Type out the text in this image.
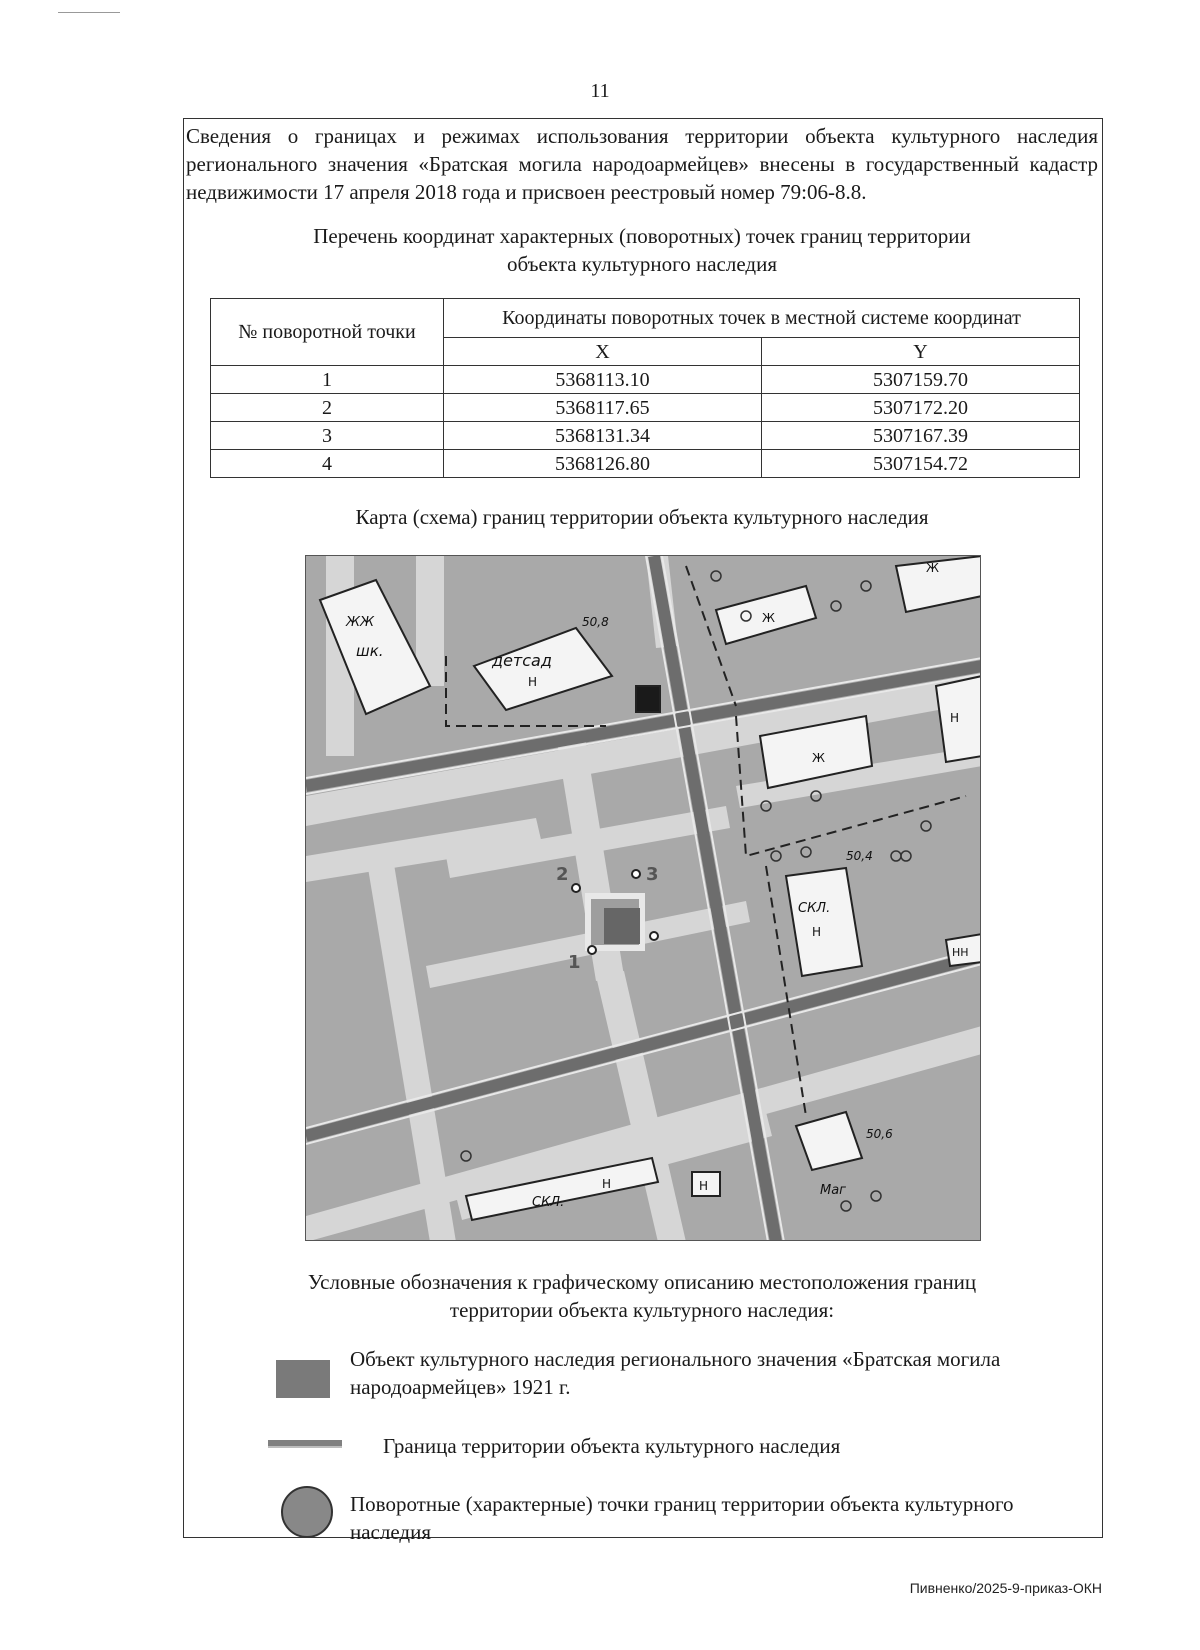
11
Сведения о границах и режимах использования территории объекта культурного наследия регионального значения «Братская могила народоармейцев» внесены в государственный кадастр недвижимости 17 апреля 2018 года и присвоен реестровый номер 79:06-8.8.
Перечень координат характерных (поворотных) точек границ территории
объекта культурного наследия
№ поворотной точки	Координаты поворотных точек в местной системе координат	
	X	Y
1	5368113.10	5307159.70
2	5368117.65	5307172.20
3	5368131.34	5307167.39
4	5368126.80	5307154.72
Карта (схема) границ территории объекта культурного наследия
ЖЖ
шк.	детсад
Н
50,8	Ж
Ж
Ж
Н
50,4
СКЛ.
Н
НН
50,6
Маг
СКЛ.
Н	Н
1
2	3
Условные обозначения к графическому описанию местоположения границ
территории объекта культурного наследия:
Объект культурного наследия регионального значения «Братская могила народоармейцев» 1921 г.
Граница территории объекта культурного наследия
Поворотные (характерные) точки границ территории объекта культурного наследия
Пивненко/2025-9-приказ-ОКН
